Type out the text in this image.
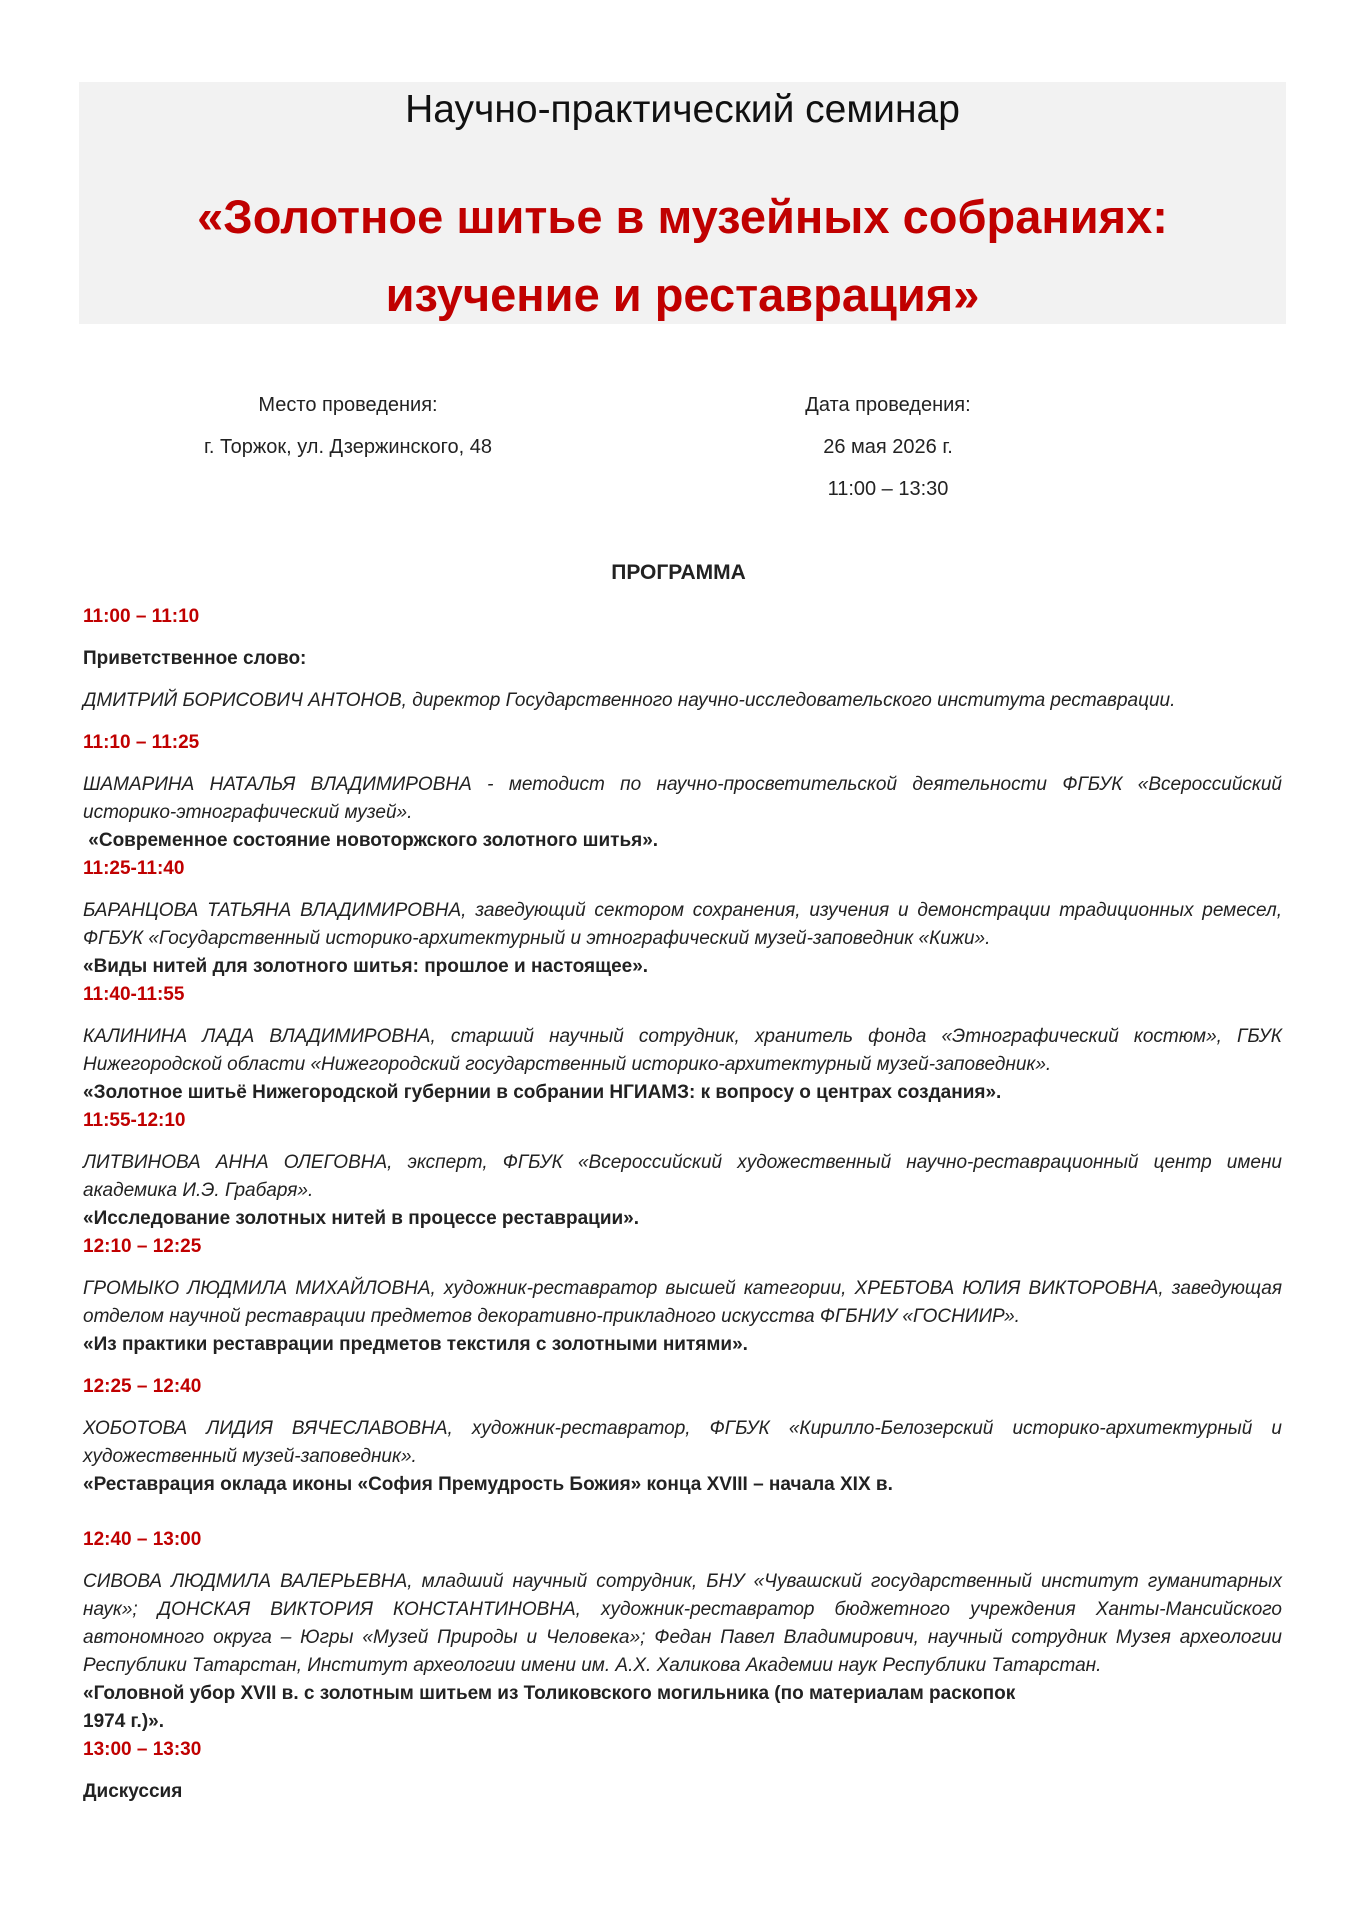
Научно-практический семинар
«Золотное шитье в музейных собраниях:
изучение и реставрация»
Место проведения:
г. Торжок, ул. Дзержинского, 48
Дата проведения:
26 мая 2026 г.
11:00 – 13:30
ПРОГРАММА
11:00 – 11:10
Приветственное слово:
ДМИТРИЙ БОРИСОВИЧ АНТОНОВ, директор Государственного научно-исследовательского института реставрации.
11:10 – 11:25
ШАМАРИНА НАТАЛЬЯ ВЛАДИМИРОВНА - методист по научно-просветительской деятельности ФГБУК «Всероссийский историко-этнографический музей».
«Современное состояние новоторжского золотного шитья».
11:25-11:40
БАРАНЦОВА ТАТЬЯНА ВЛАДИМИРОВНА, заведующий сектором сохранения, изучения и демонстрации традиционных ремесел, ФГБУК «Государственный историко-архитектурный и этнографический музей-заповедник «Кижи».
«Виды нитей для золотного шитья: прошлое и настоящее».
11:40-11:55
КАЛИНИНА ЛАДА ВЛАДИМИРОВНА, старший научный сотрудник, хранитель фонда «Этнографический костюм», ГБУК Нижегородской области «Нижегородский государственный историко-архитектурный музей-заповедник».
«Золотное шитьё Нижегородской губернии в собрании НГИАМЗ: к вопросу о центрах создания».
11:55-12:10
ЛИТВИНОВА АННА ОЛЕГОВНА, эксперт, ФГБУК «Всероссийский художественный научно-реставрационный центр имени академика И.Э. Грабаря».
«Исследование золотных нитей в процессе реставрации».
12:10 – 12:25
ГРОМЫКО ЛЮДМИЛА МИХАЙЛОВНА, художник-реставратор высшей категории, ХРЕБТОВА ЮЛИЯ ВИКТОРОВНА, заведующая отделом научной реставрации предметов декоративно-прикладного искусства ФГБНИУ «ГОСНИИР».
«Из практики реставрации предметов текстиля с золотными нитями».
12:25 – 12:40
ХОБОТОВА ЛИДИЯ ВЯЧЕСЛАВОВНА, художник-реставратор, ФГБУК «Кирилло-Белозерский историко-архитектурный и художественный музей-заповедник».
«Реставрация оклада иконы «София Премудрость Божия» конца XVIII – начала XIX в.
12:40 – 13:00
СИВОВА ЛЮДМИЛА ВАЛЕРЬЕВНА, младший научный сотрудник, БНУ «Чувашский государственный институт гуманитарных наук»; ДОНСКАЯ ВИКТОРИЯ КОНСТАНТИНОВНА, художник-реставратор бюджетного учреждения Ханты-Мансийского автономного округа – Югры «Музей Природы и Человека»; Федан Павел Владимирович, научный сотрудник Музея археологии Республики Татарстан, Институт археологии имени им. А.Х. Халикова Академии наук Республики Татарстан.
«Головной убор XVII в. с золотным шитьем из Толиковского могильника (по материалам раскопок
1974 г.)».
13:00 – 13:30
Дискуссия
